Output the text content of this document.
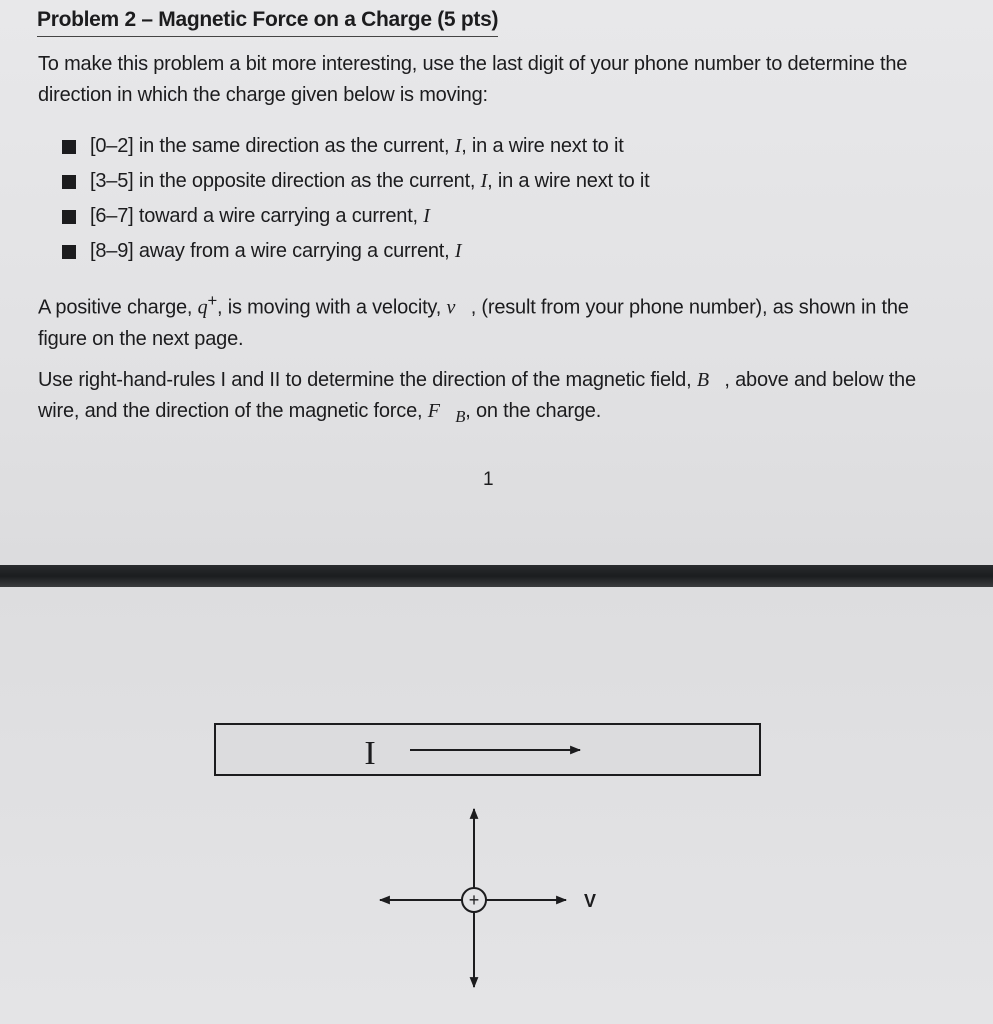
Problem 2 – Magnetic Force on a Charge (5 pts)
To make this problem a bit more interesting, use the last digit of your phone number to determine the direction in which the charge given below is moving:
[0–2] in the same direction as the current, I , in a wire next to it
[3–5] in the opposite direction as the current, I , in a wire next to it
[6–7] toward a wire carrying a current, I
[8–9] away from a wire carrying a current, I
A positive charge, q+, is moving with a velocity, v⃗, (result from your phone number), as shown in the figure on the next page.
Use right-hand-rules I and II to determine the direction of the magnetic field, B⃗, above and below the wire, and the direction of the magnetic force, $F⃗_B$, on the charge.
1
I
+	V
